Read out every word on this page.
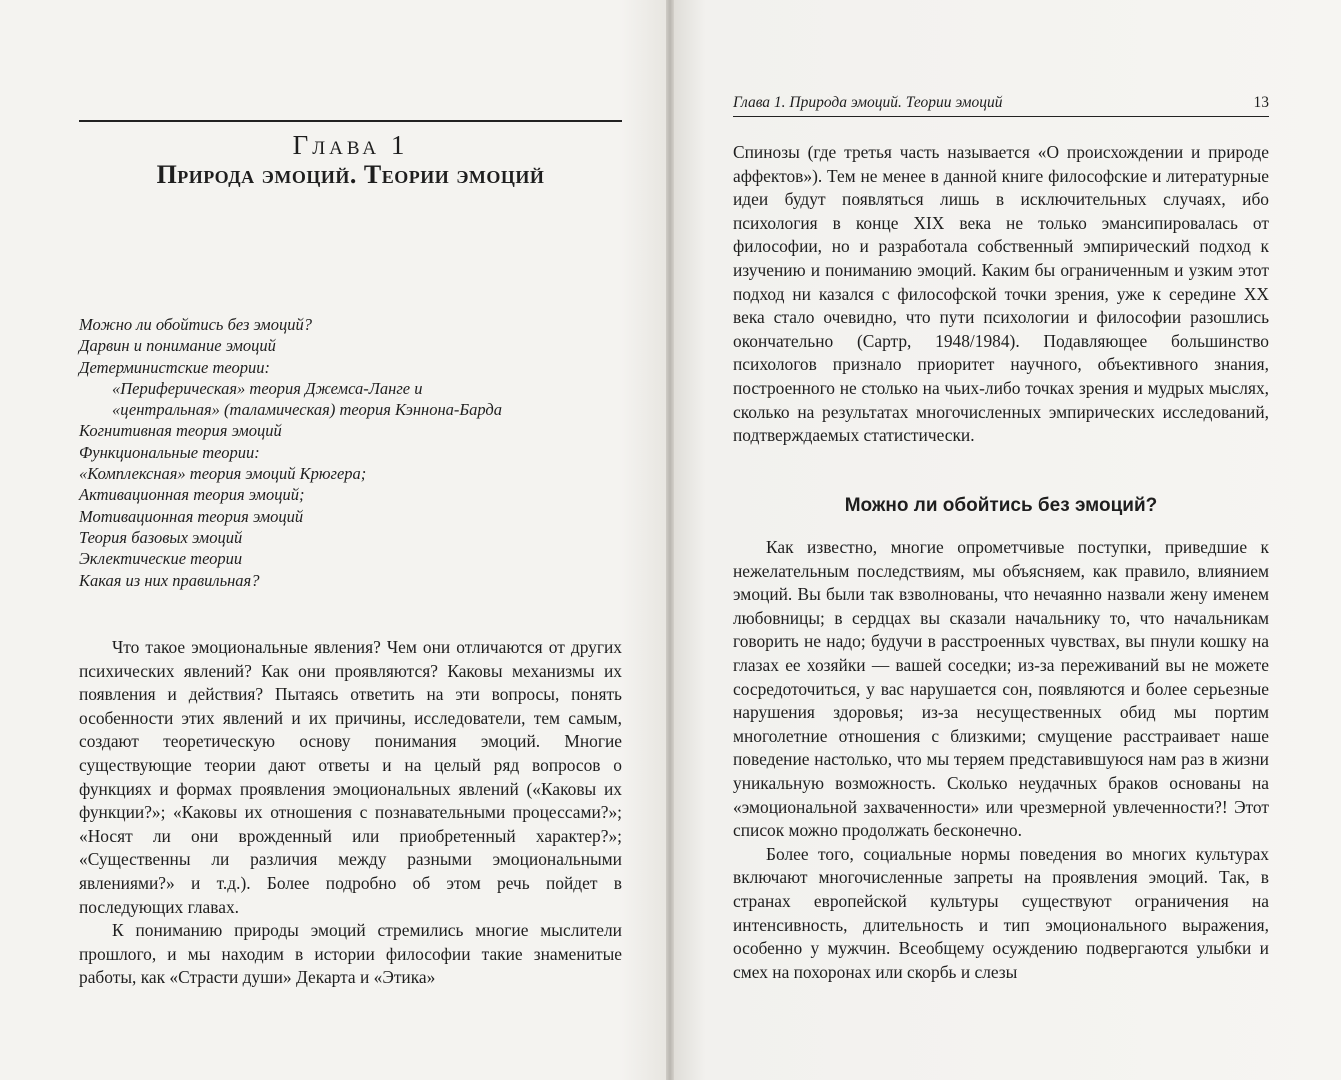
Глава 1
Природа эмоций. Теории эмоций
Можно ли обойтись без эмоций?
Дарвин и понимание эмоций
Детерминистские теории:
«Периферическая» теория Джемса-Ланге и
«центральная» (таламическая) теория Кэннона-Барда
Когнитивная теория эмоций
Функциональные теории:
«Комплексная» теория эмоций Крюгера;
Активационная теория эмоций;
Мотивационная теория эмоций
Теория базовых эмоций
Эклектические теории
Какая из них правильная?

Что такое эмоциональные явления? Чем они отличаются от других психических явлений? Как они проявляются? Каковы механизмы их появления и действия? Пытаясь ответить на эти вопросы, понять особенности этих явлений и их причины, исследователи, тем самым, создают теоретическую основу понимания эмоций. Многие существующие теории дают ответы и на целый ряд вопросов о функциях и формах проявления эмоциональных явлений («Каковы их функции?»; «Каковы их отношения с познавательными процессами?»; «Носят ли они врожденный или приобретенный характер?»; «Существенны ли различия между разными эмоциональными явлениями?» и т.д.). Более подробно об этом речь пойдет в последующих главах.

К пониманию природы эмоций стремились многие мыслители прошлого, и мы находим в истории философии такие знаменитые работы, как «Страсти души» Декарта и «Этика»

Глава 1. Природа эмоций. Теории эмоций	13

Спинозы (где третья часть называется «О происхождении и природе аффектов»). Тем не менее в данной книге философские и литературные идеи будут появляться лишь в исключительных случаях, ибо психология в конце XIX века не только эмансипировалась от философии, но и разработала собственный эмпирический подход к изучению и пониманию эмоций. Каким бы ограниченным и узким этот подход ни казался с философской точки зрения, уже к середине XX века стало очевидно, что пути психологии и философии разошлись окончательно (Сартр, 1948/1984). Подавляющее большинство психологов признало приоритет научного, объективного знания, построенного не столько на чьих-либо точках зрения и мудрых мыслях, сколько на результатах многочисленных эмпирических исследований, подтверждаемых статистически.

Можно ли обойтись без эмоций?

Как известно, многие опрометчивые поступки, приведшие к нежелательным последствиям, мы объясняем, как правило, влиянием эмоций. Вы были так взволнованы, что нечаянно назвали жену именем любовницы; в сердцах вы сказали начальнику то, что начальникам говорить не надо; будучи в расстроенных чувствах, вы пнули кошку на глазах ее хозяйки — вашей соседки; из-за переживаний вы не можете сосредоточиться, у вас нарушается сон, появляются и более серьезные нарушения здоровья; из-за несущественных обид мы портим многолетние отношения с близкими; смущение расстраивает наше поведение настолько, что мы теряем представившуюся нам раз в жизни уникальную возможность. Сколько неудачных браков основаны на «эмоциональной захваченности» или чрезмерной увлеченности?! Этот список можно продолжать бесконечно.

Более того, социальные нормы поведения во многих культурах включают многочисленные запреты на проявления эмоций. Так, в странах европейской культуры существуют ограничения на интенсивность, длительность и тип эмоционального выражения, особенно у мужчин. Всеобщему осуждению подвергаются улыбки и смех на похоронах или скорбь и слезы
